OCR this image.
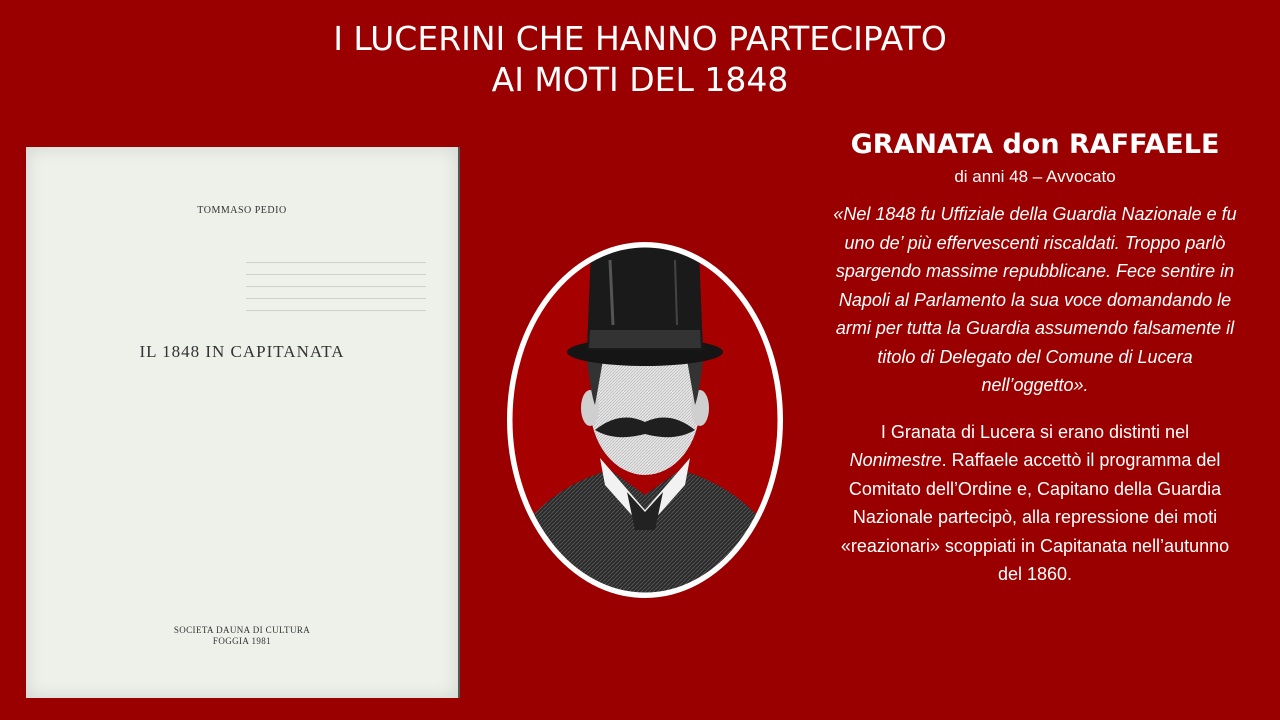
I LUCERINI CHE HANNO PARTECIPATO
AI MOTI DEL 1848
TOMMASO PEDIO
IL 1848 IN CAPITANATA
SOCIETA DAUNA DI CULTURA
FOGGIA 1981
GRANATA don RAFFAELE
di anni 48 – Avvocato
«Nel 1848 fu Uffiziale della Guardia Nazionale e fu uno de’ più effervescenti riscaldati. Troppo parlò spargendo massime repubblicane. Fece sentire in Napoli al Parlamento la sua voce domandando le armi per tutta la Guardia assumendo falsamente il titolo di Delegato del Comune di Lucera nell’oggetto».
I Granata di Lucera si erano distinti nel Nonimestre. Raffaele accettò il programma del Comitato dell’Ordine e, Capitano della Guardia Nazionale partecipò, alla repressione dei moti «reazionari» scoppiati in Capitanata nell’autunno del 1860.
